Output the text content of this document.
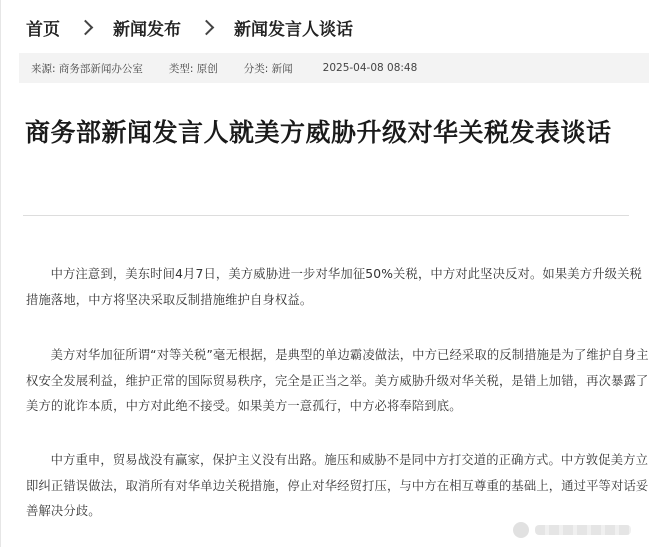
首页	新闻发布	新闻发言人谈话
来源: 商务部新闻办公室 类型: 原创 分类: 新闻	2025-04-08 08:48
商务部新闻发言人就美方威胁升级对华关税发表谈话

中方注意到，美东时间4月7日，美方威胁进一步对华加征50%关税，中方对此坚决反对。如果美方升级关税措施落地，中方将坚决采取反制措施维护自身权益。

美方对华加征所谓“对等关税”毫无根据，是典型的单边霸凌做法，中方已经采取的反制措施是为了维护自身主权安全发展利益，维护正常的国际贸易秩序，完全是正当之举。美方威胁升级对华关税，是错上加错，再次暴露了美方的讹诈本质，中方对此绝不接受。如果美方一意孤行，中方必将奉陪到底。

中方重申，贸易战没有赢家，保护主义没有出路。施压和威胁不是同中方打交道的正确方式。中方敦促美方立即纠正错误做法，取消所有对华单边关税措施，停止对华经贸打压，与中方在相互尊重的基础上，通过平等对话妥善解决分歧。
